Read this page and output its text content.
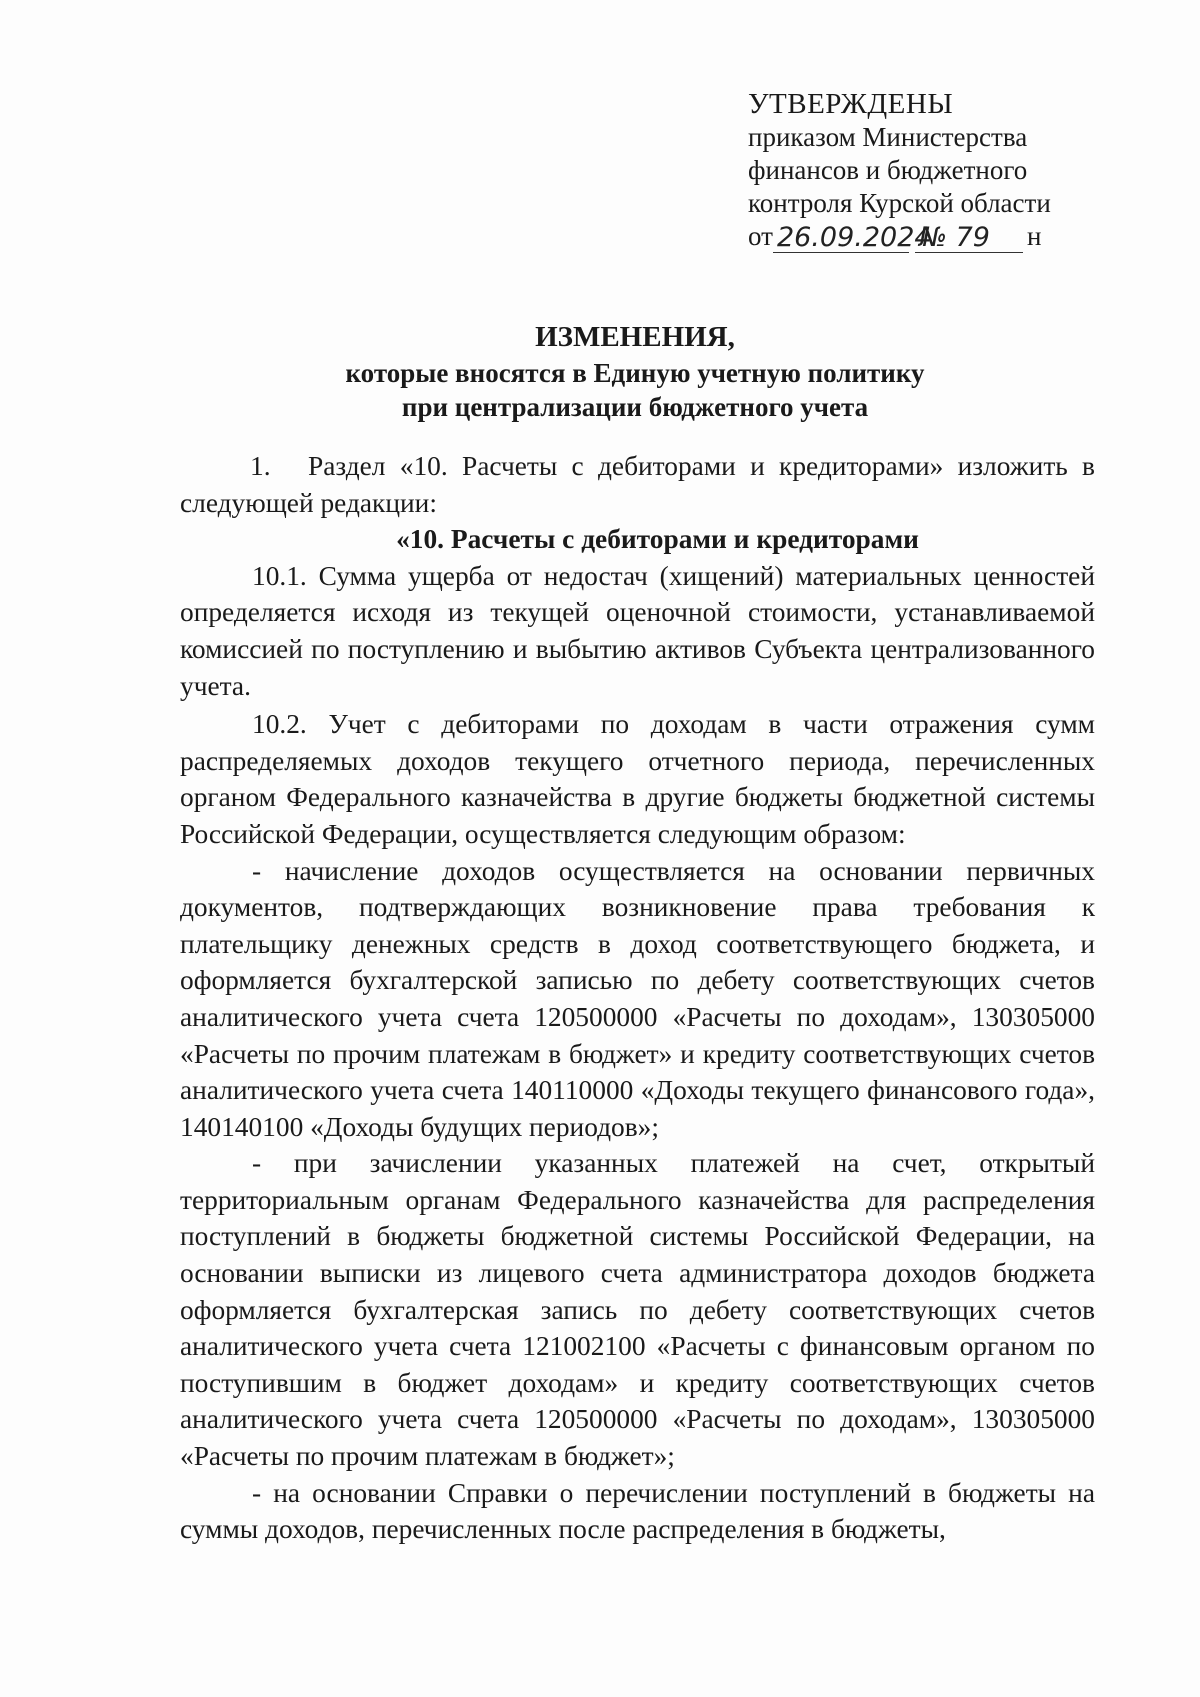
УТВЕРЖДЕНЫ
приказом Министерства
финансов и бюджетного
контроля Курской области
от 26.09.2024
№ 79	н
ИЗМЕНЕНИЯ,
которые вносятся в Единую учетную политику
при централизации бюджетного учета

1. Раздел «10. Расчеты с дебиторами и кредиторами» изложить в следующей редакции:

«10. Расчеты с дебиторами и кредиторами

10.1. Сумма ущерба от недостач (хищений) материальных ценностей определяется исходя из текущей оценочной стоимости, устанавливаемой комиссией по поступлению и выбытию активов Субъекта централизованного учета.

10.2. Учет с дебиторами по доходам в части отражения сумм распределяемых доходов текущего отчетного периода, перечисленных органом Федерального казначейства в другие бюджеты бюджетной системы Российской Федерации, осуществляется следующим образом:

- начисление доходов осуществляется на основании первичных документов, подтверждающих возникновение права требования к плательщику денежных средств в доход соответствующего бюджета, и оформляется бухгалтерской записью по дебету соответствующих счетов аналитического учета счета 120500000 «Расчеты по доходам», 130305000 «Расчеты по прочим платежам в бюджет» и кредиту соответствующих счетов аналитического учета счета 140110000 «Доходы текущего финансового года», 140140100 «Доходы будущих периодов»;

- при зачислении указанных платежей на счет, открытый территориальным органам Федерального казначейства для распределения поступлений в бюджеты бюджетной системы Российской Федерации, на основании выписки из лицевого счета администратора доходов бюджета оформляется бухгалтерская запись по дебету соответствующих счетов аналитического учета счета 121002100 «Расчеты с финансовым органом по поступившим в бюджет доходам» и кредиту соответствующих счетов аналитического учета счета 120500000 «Расчеты по доходам», 130305000 «Расчеты по прочим платежам в бюджет»;

- на основании Справки о перечислении поступлений в бюджеты на суммы доходов, перечисленных после распределения в бюджеты,
